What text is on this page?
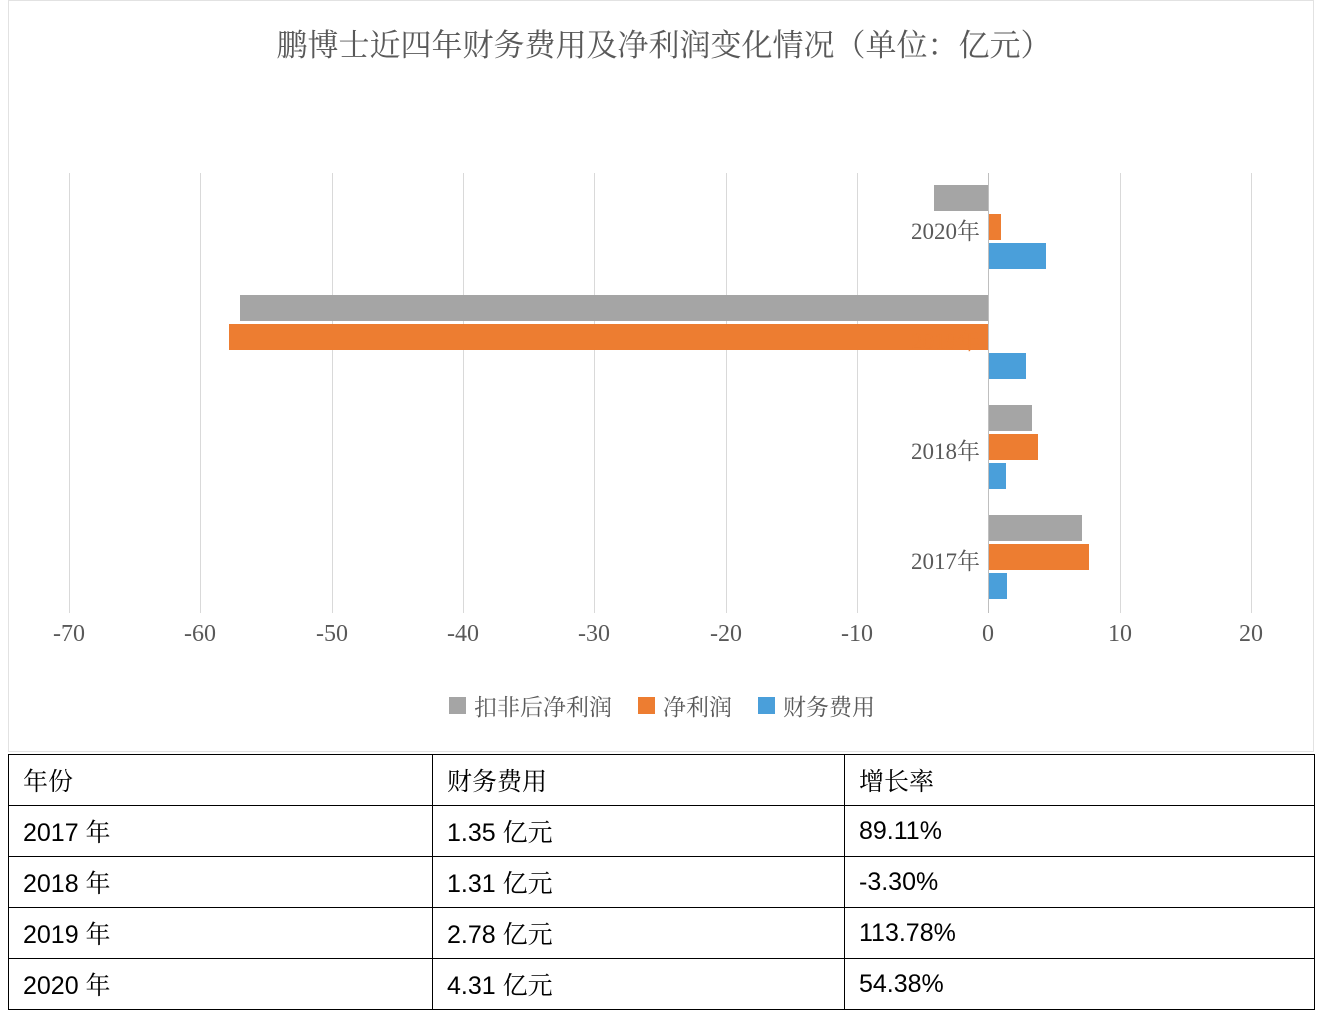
鹏博士近四年财务费用及净利润变化情况（单位：亿元）
2020年
2019年
2018年
2017年
-70	-60	-50	-40	-30	-20	-10	0	10	20
扣非后净利润 净利润 财务费用
年份	财务费用	增长率
2017 年	1.35 亿元	89.11%
2018 年	1.31 亿元	-3.30%
2019 年	2.78 亿元	113.78%
2020 年	4.31 亿元	54.38%
